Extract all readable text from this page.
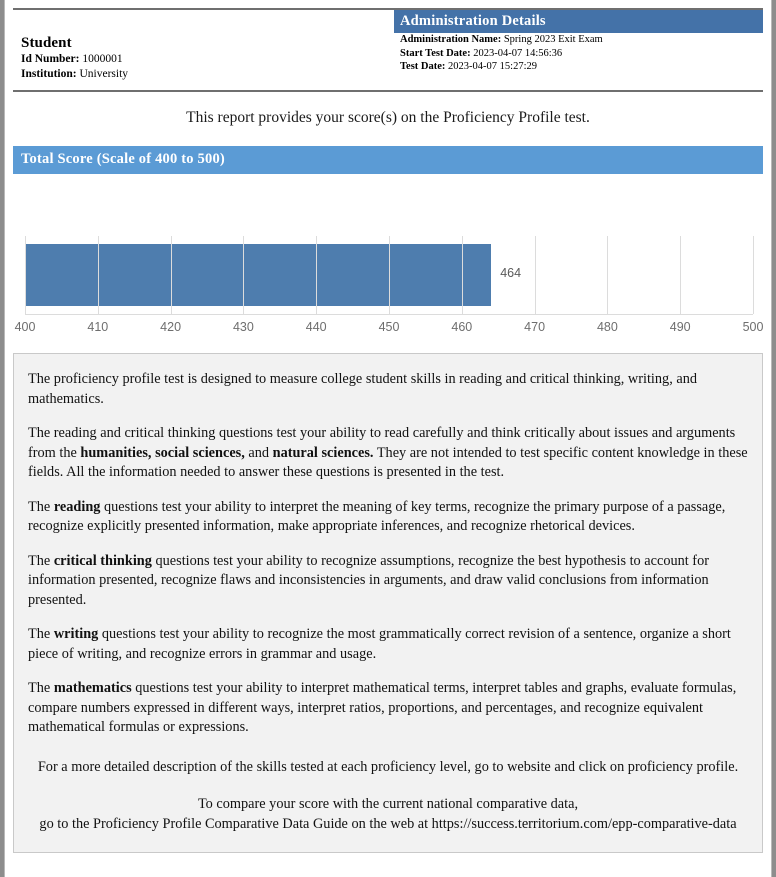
Student
Id Number: 1000001
Institution: University
Administration Details
Administration Name: Spring 2023 Exit Exam
Start Test Date: 2023-04-07 14:56:36
Test Date: 2023-04-07 15:27:29
This report provides your score(s) on the Proficiency Profile test.
Total Score (Scale of 400 to 500)
400	410	420	430	440	450	460	470	480	490	500
464

The proficiency profile test is designed to measure college student skills in reading and critical thinking, writing, and mathematics.

The reading and critical thinking questions test your ability to read carefully and think critically about issues and arguments from the humanities, social sciences, and natural sciences. They are not intended to test specific content knowledge in these fields. All the information needed to answer these questions is presented in the test.

The reading questions test your ability to interpret the meaning of key terms, recognize the primary purpose of a passage, recognize explicitly presented information, make appropriate inferences, and recognize rhetorical devices.

The critical thinking questions test your ability to recognize assumptions, recognize the best hypothesis to account for information presented, recognize flaws and inconsistencies in arguments, and draw valid conclusions from information presented.

The writing questions test your ability to recognize the most grammatically correct revision of a sentence, organize a short piece of writing, and recognize errors in grammar and usage.

The mathematics questions test your ability to interpret mathematical terms, interpret tables and graphs, evaluate formulas, compare numbers expressed in different ways, interpret ratios, proportions, and percentages, and recognize equivalent mathematical formulas or expressions.

For a more detailed description of the skills tested at each proficiency level, go to website and click on proficiency profile.

To compare your score with the current national comparative data,
go to the Proficiency Profile Comparative Data Guide on the web at https://success.territorium.com/epp-comparative-data
